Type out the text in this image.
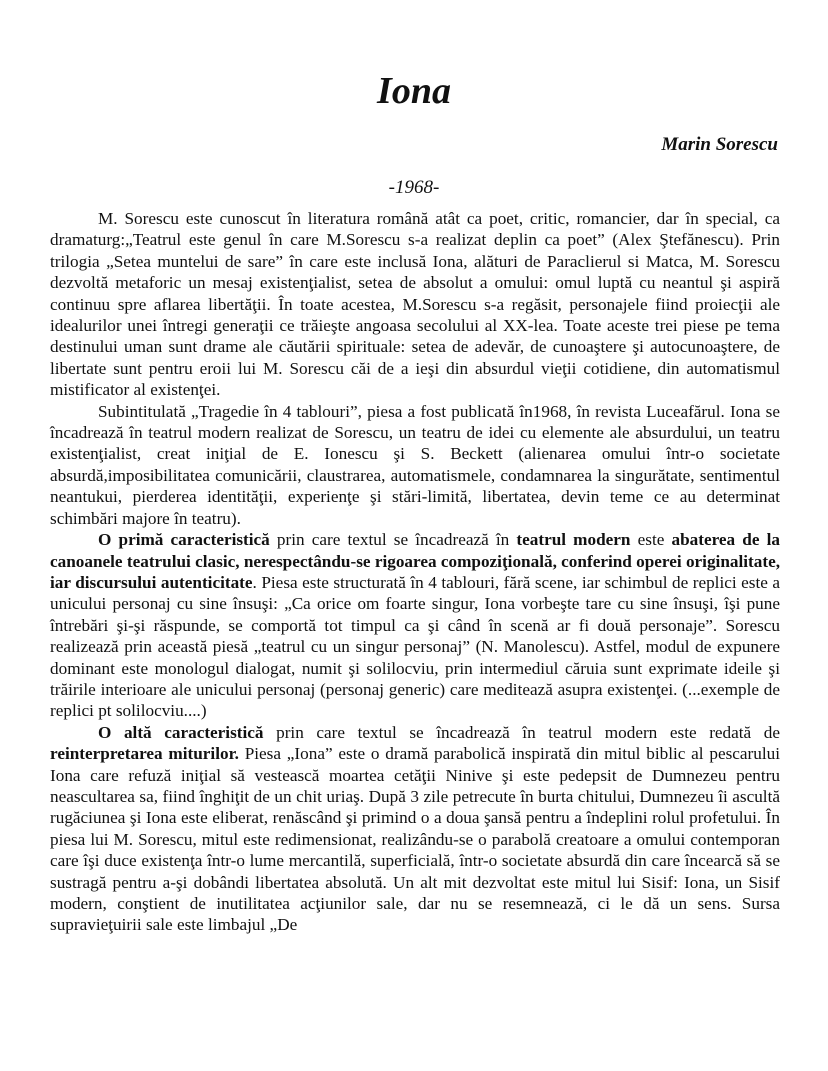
Iona
Marin Sorescu
-1968-

M. Sorescu este cunoscut în literatura română atât ca poet, critic, romancier, dar în special, ca dramaturg:„Teatrul este genul în care M.Sorescu s-a realizat deplin ca poet” (Alex Ştefănescu). Prin trilogia „Setea muntelui de sare” în care este inclusă Iona, alături de Paraclierul si Matca, M. Sorescu dezvoltă metaforic un mesaj existenţialist, setea de absolut a omului: omul luptă cu neantul şi aspiră continuu spre aflarea libertăţii. În toate acestea, M.Sorescu s-a regăsit, personajele fiind proiecţii ale idealurilor unei întregi generaţii ce trăieşte angoasa secolului al XX-lea. Toate aceste trei piese pe tema destinului uman sunt drame ale căutării spirituale: setea de adevăr, de cunoaştere şi autocunoaştere, de libertate sunt pentru eroii lui M. Sorescu căi de a ieşi din absurdul vieţii cotidiene, din automatismul mistificator al existenţei.

Subintitulată „Tragedie în 4 tablouri”, piesa a fost publicată în1968, în revista Luceafărul. Iona se încadrează în teatrul modern realizat de Sorescu, un teatru de idei cu elemente ale absurdului, un teatru existenţialist, creat iniţial de E. Ionescu şi S. Beckett (alienarea omului într-o societate absurdă,imposibilitatea comunicării, claustrarea, automatismele, condamnarea la singurătate, sentimentul neantukui, pierderea identităţii, experienţe şi stări-limită, libertatea, devin teme ce au determinat schimbări majore în teatru).

O primă caracteristică prin care textul se încadrează în teatrul modern este abaterea de la canoanele teatrului clasic, nerespectându-se rigoarea compoziţională, conferind operei originalitate, iar discursului autenticitate. Piesa este structurată în 4 tablouri, fără scene, iar schimbul de replici este a unicului personaj cu sine însuşi: „Ca orice om foarte singur, Iona vorbeşte tare cu sine însuşi, îşi pune întrebări şi-şi răspunde, se comportă tot timpul ca şi când în scenă ar fi două personaje”. Sorescu realizează prin această piesă „teatrul cu un singur personaj” (N. Manolescu). Astfel, modul de expunere dominant este monologul dialogat, numit şi solilocviu, prin intermediul căruia sunt exprimate ideile şi trăirile interioare ale unicului personaj (personaj generic) care meditează asupra existenţei. (...exemple de replici pt solilocviu....)

O altă caracteristică prin care textul se încadrează în teatrul modern este redată de reinterpretarea miturilor. Piesa „Iona” este o dramă parabolică inspirată din mitul biblic al pescarului Iona care refuză iniţial să vestească moartea cetăţii Ninive şi este pedepsit de Dumnezeu pentru neascultarea sa, fiind înghiţit de un chit uriaş. După 3 zile petrecute în burta chitului, Dumnezeu îi ascultă rugăciunea şi Iona este eliberat, renăscând şi primind o a doua şansă pentru a îndeplini rolul profetului. În piesa lui M. Sorescu, mitul este redimensionat, realizându-se o parabolă creatoare a omului contemporan care îşi duce existenţa într-o lume mercantilă, superficială, într-o societate absurdă din care încearcă să se sustragă pentru a-şi dobândi libertatea absolută. Un alt mit dezvoltat este mitul lui Sisif: Iona, un Sisif modern, conştient de inutilitatea acţiunilor sale, dar nu se resemnează, ci le dă un sens. Sursa supravieţuirii sale este limbajul „De
